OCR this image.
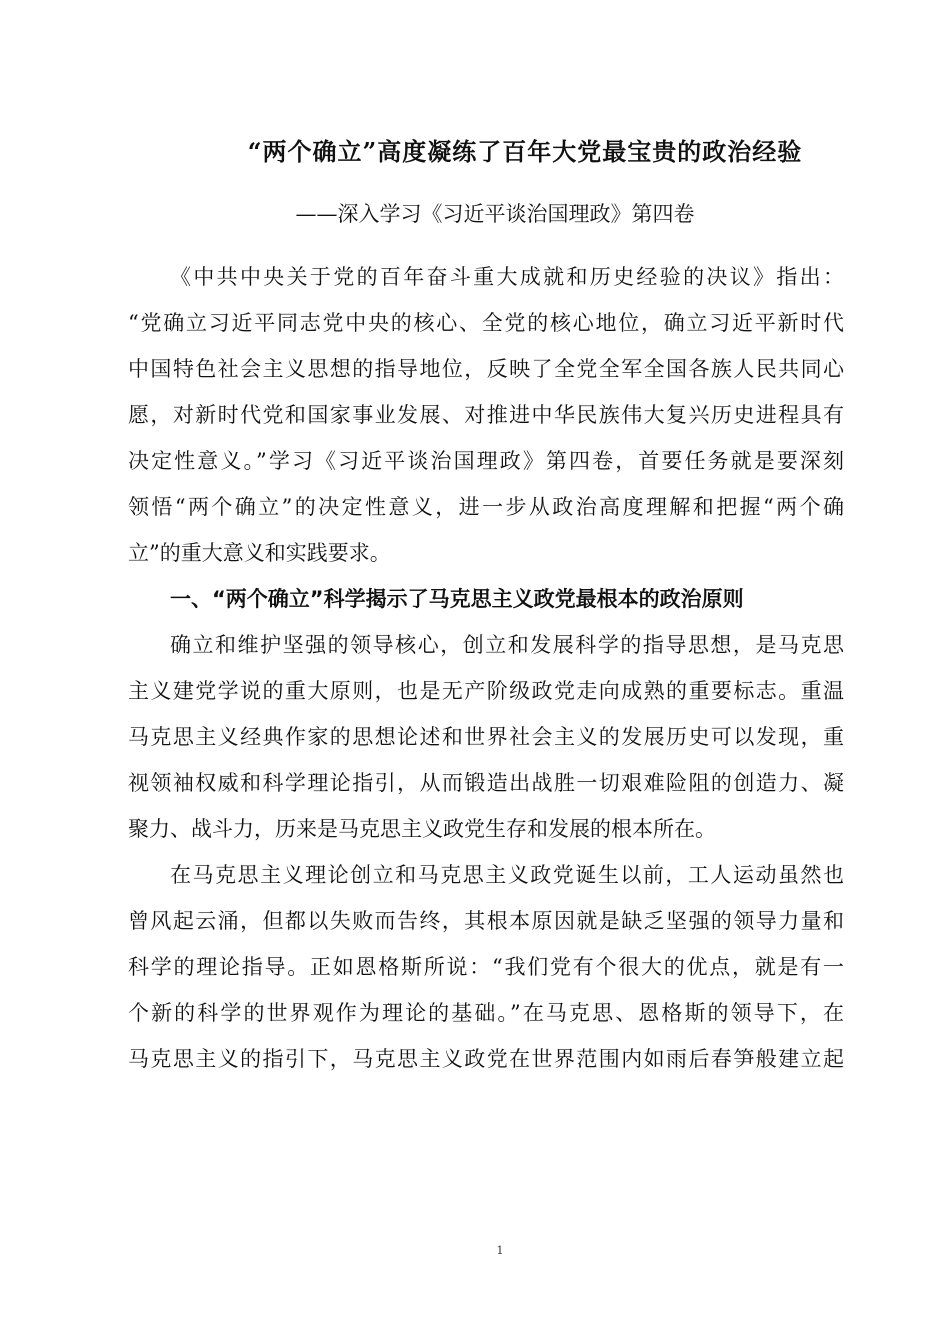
“两个确立”高度凝练了百年大党最宝贵的政治经验
——深入学习《习近平谈治国理政》第四卷

《中共中央关于党的百年奋斗重大成就和历史经验的决议》指出：
“党确立习近平同志党中央的核心、全党的核心地位，确立习近平新时代
中国特色社会主义思想的指导地位，反映了全党全军全国各族人民共同心
愿，对新时代党和国家事业发展、对推进中华民族伟大复兴历史进程具有
决定性意义。”学习《习近平谈治国理政》第四卷，首要任务就是要深刻
领悟“两个确立”的决定性意义，进一步从政治高度理解和把握“两个确
立”的重大意义和实践要求。

一、“两个确立”科学揭示了马克思主义政党最根本的政治原则

确立和维护坚强的领导核心，创立和发展科学的指导思想，是马克思
主义建党学说的重大原则，也是无产阶级政党走向成熟的重要标志。重温
马克思主义经典作家的思想论述和世界社会主义的发展历史可以发现，重
视领袖权威和科学理论指引，从而锻造出战胜一切艰难险阻的创造力、凝
聚力、战斗力，历来是马克思主义政党生存和发展的根本所在。

在马克思主义理论创立和马克思主义政党诞生以前，工人运动虽然也
曾风起云涌，但都以失败而告终，其根本原因就是缺乏坚强的领导力量和
科学的理论指导。正如恩格斯所说：“我们党有个很大的优点，就是有一
个新的科学的世界观作为理论的基础。”在马克思、恩格斯的领导下，在
马克思主义的指引下，马克思主义政党在世界范围内如雨后春笋般建立起

1
